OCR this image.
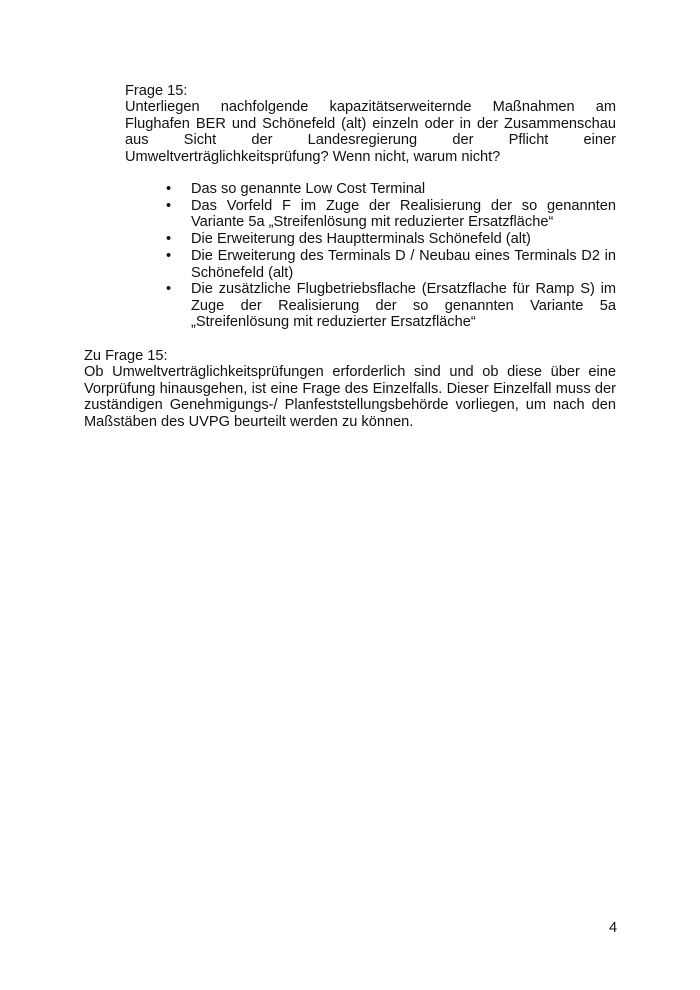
Frage 15:

Unterliegen nachfolgende kapazitätserweiternde Maßnahmen am Flughafen BER und Schönefeld (alt) einzeln oder in der Zusammenschau aus Sicht der Landesregierung der Pflicht einer Umweltverträglichkeitsprüfung? Wenn nicht, warum nicht?

• Das so genannte Low Cost Terminal
• Das Vorfeld F im Zuge der Realisierung der so genannten Variante 5a „Streifenlösung mit reduzierter Ersatzfläche“
• Die Erweiterung des Hauptterminals Schönefeld (alt)
• Die Erweiterung des Terminals D / Neubau eines Terminals D2 in Schönefeld (alt)
• Die zusätzliche Flugbetriebsflache (Ersatzflache für Ramp S) im Zuge der Realisierung der so genannten Variante 5a „Streifenlösung mit reduzierter Ersatzfläche“

Zu Frage 15:

Ob Umweltverträglichkeitsprüfungen erforderlich sind und ob diese über eine Vorprüfung hinausgehen, ist eine Frage des Einzelfalls. Dieser Einzelfall muss der zuständigen Genehmigungs-/ Planfeststellungsbehörde vorliegen, um nach den Maßstäben des UVPG beurteilt werden zu können.

4
